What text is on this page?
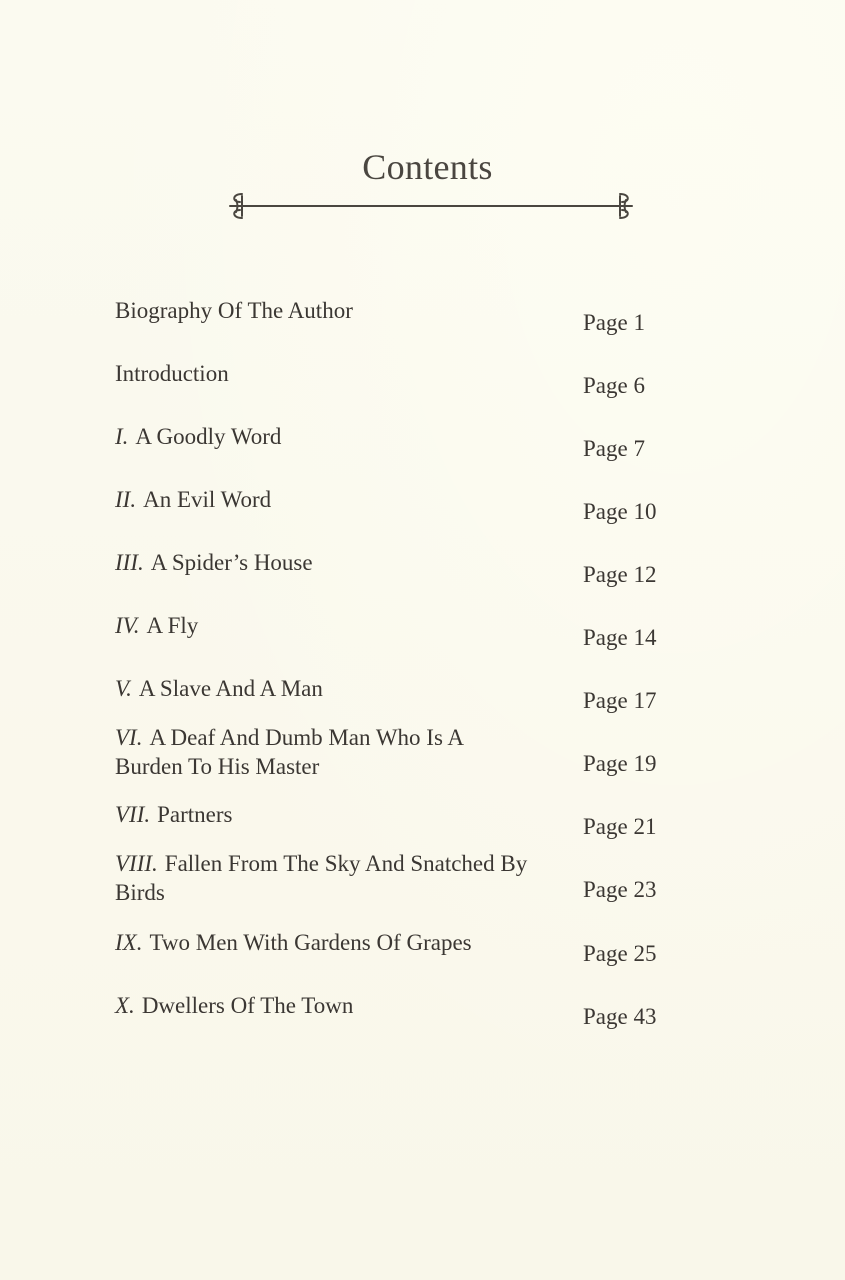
Contents
Biography Of The Author	Page 1
Introduction	Page 6
I. A Goodly Word	Page 7
II. An Evil Word	Page 10
III. A Spider’s House	Page 12
IV. A Fly	Page 14
V. A Slave And A Man	Page 17
VI. A Deaf And Dumb Man Who Is A Burden To His Master	Page 19
VII. Partners	Page 21
VIII. Fallen From The Sky And Snatched By Birds	Page 23
IX. Two Men With Gardens Of Grapes	Page 25
X. Dwellers Of The Town	Page 43
